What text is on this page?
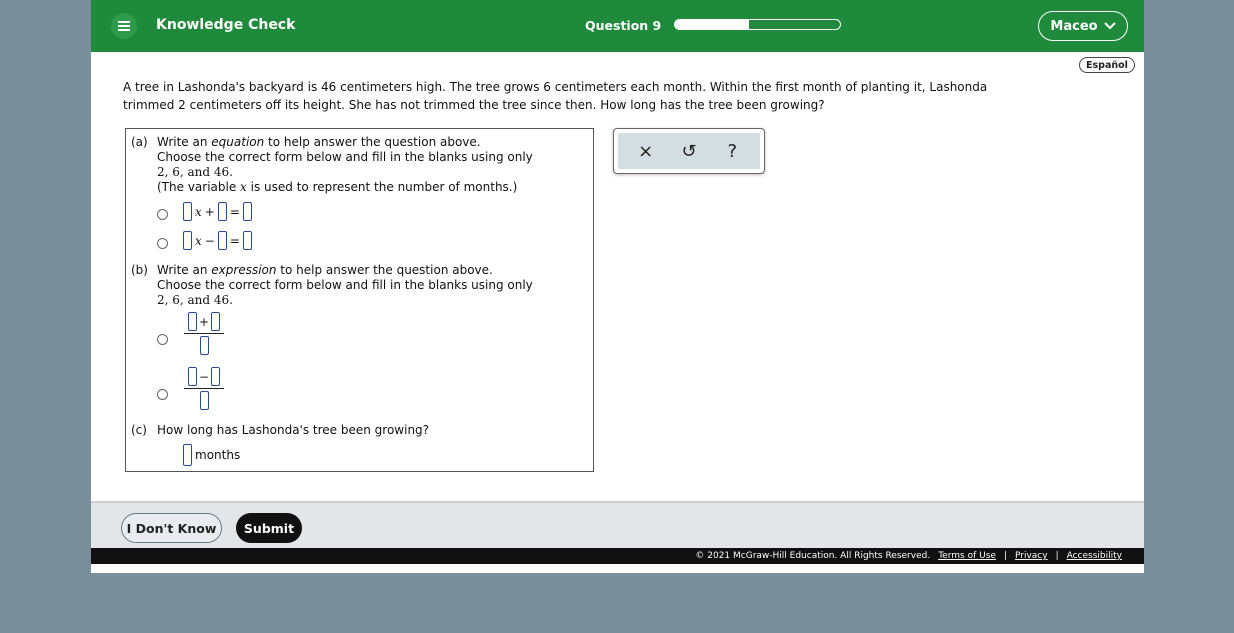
Knowledge Check	Question 9	Maceo
Español
A tree in Lashonda's backyard is 46 centimeters high. The tree grows 6 centimeters each month. Within the first month of planting it, Lashonda trimmed 2 centimeters off its height. She has not trimmed the tree since then. How long has the tree been growing?
(a) Write an equation to help answer the question above.
Choose the correct form below and fill in the blanks using only
2, 6, and 46.
(The variable x is used to represent the number of months.)
x + =
x − =
(b) Write an expression to help answer the question above.
Choose the correct form below and fill in the blanks using only
2, 6, and 46.
+
−
(c) How long has Lashonda's tree been growing?
months
×	↺	?
I Don't Know	Submit
© 2021 McGraw-Hill Education. All Rights Reserved. Terms of Use | Privacy | Accessibility
